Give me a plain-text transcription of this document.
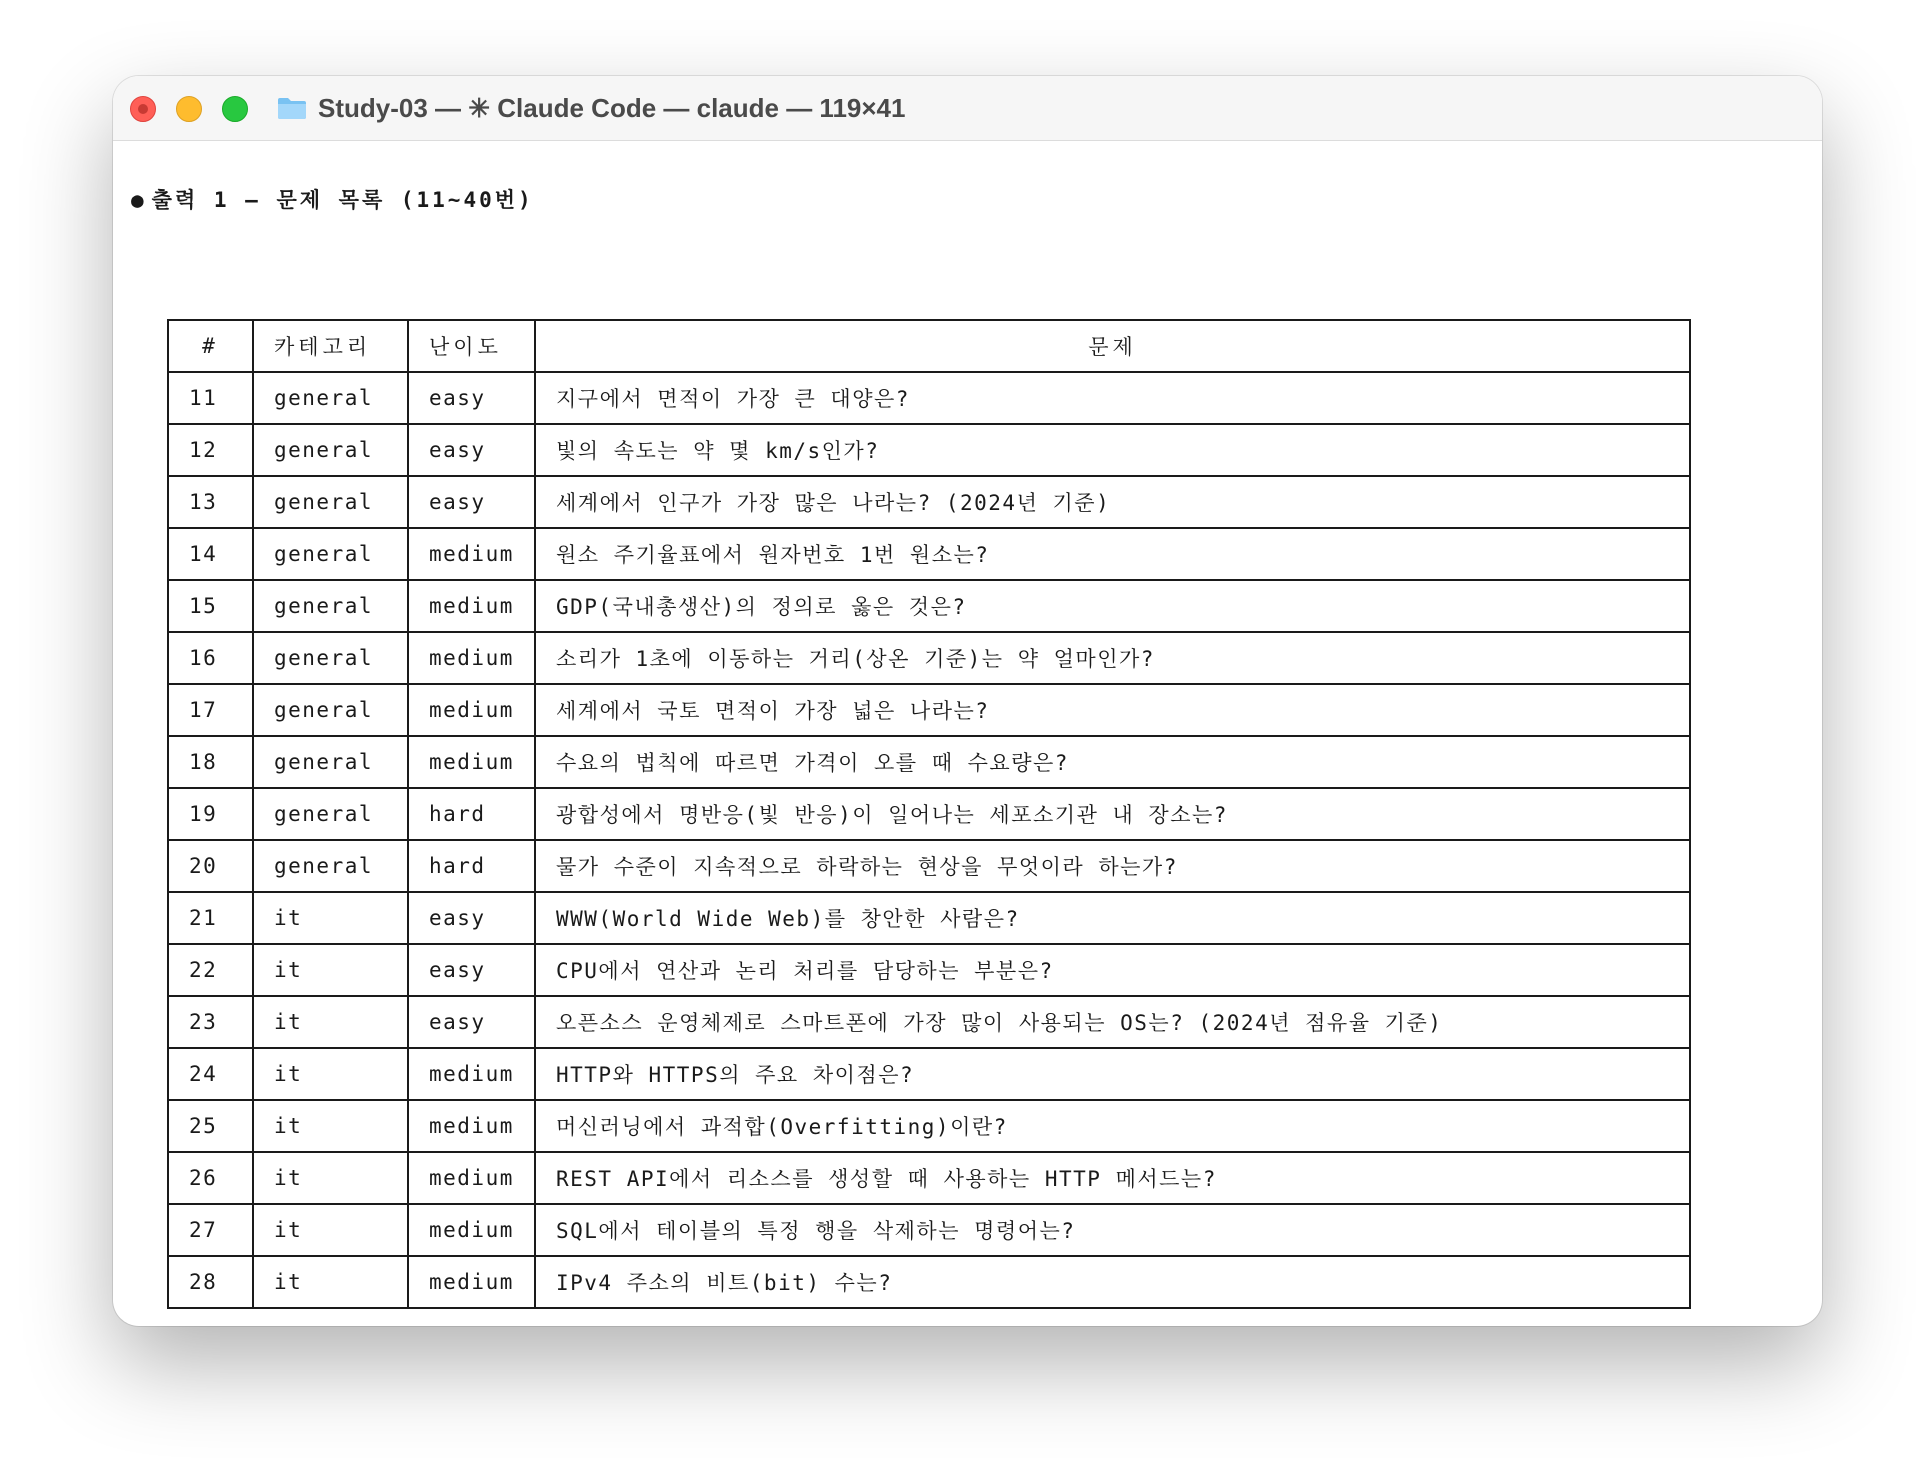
Study-03 — ✳ Claude Code — claude — 119×41
● 출력 1 — 문제 목록 (11~40번)
#	카테고리	난이도	문제
11	general	easy	지구에서 면적이 가장 큰 대양은?
12	general	easy	빛의 속도는 약 몇 km/s인가?
13	general	easy	세계에서 인구가 가장 많은 나라는? (2024년 기준)
14	general	medium	원소 주기율표에서 원자번호 1번 원소는?
15	general	medium	GDP(국내총생산)의 정의로 옳은 것은?
16	general	medium	소리가 1초에 이동하는 거리(상온 기준)는 약 얼마인가?
17	general	medium	세계에서 국토 면적이 가장 넓은 나라는?
18	general	medium	수요의 법칙에 따르면 가격이 오를 때 수요량은?
19	general	hard	광합성에서 명반응(빛 반응)이 일어나는 세포소기관 내 장소는?
20	general	hard	물가 수준이 지속적으로 하락하는 현상을 무엇이라 하는가?
21	it	easy	WWW(World Wide Web)를 창안한 사람은?
22	it	easy	CPU에서 연산과 논리 처리를 담당하는 부분은?
23	it	easy	오픈소스 운영체제로 스마트폰에 가장 많이 사용되는 OS는? (2024년 점유율 기준)
24	it	medium	HTTP와 HTTPS의 주요 차이점은?
25	it	medium	머신러닝에서 과적합(Overfitting)이란?
26	it	medium	REST API에서 리소스를 생성할 때 사용하는 HTTP 메서드는?
27	it	medium	SQL에서 테이블의 특정 행을 삭제하는 명령어는?
28	it	medium	IPv4 주소의 비트(bit) 수는?
